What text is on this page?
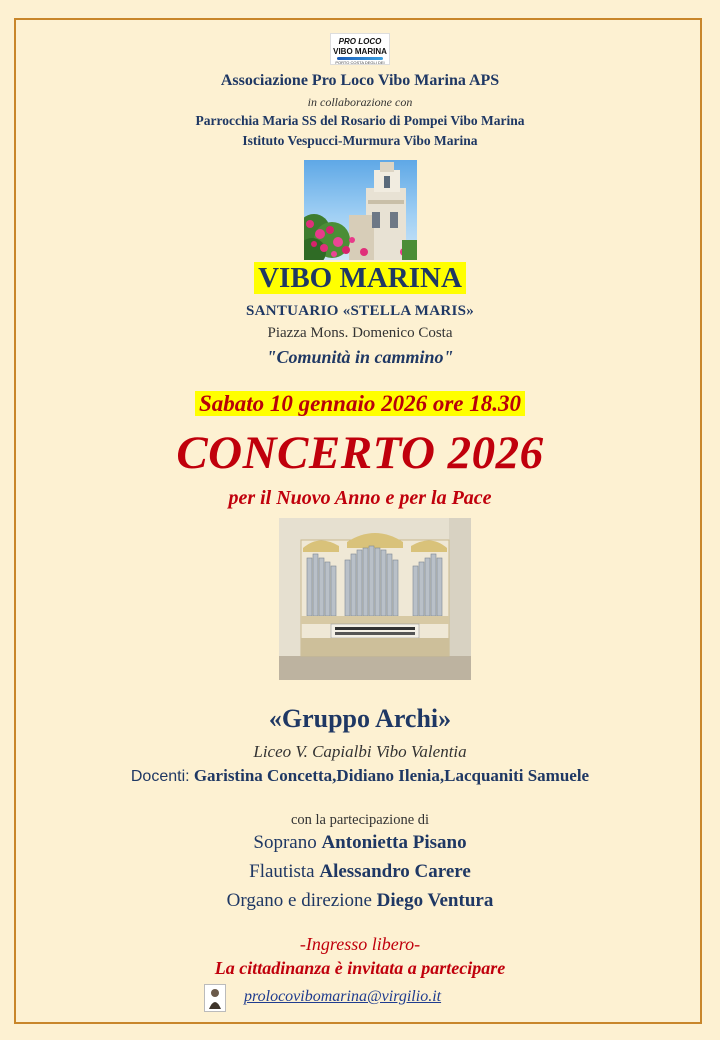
PRO LOCO
VIBO MARINA
PORTO COSTA DEGLI DEI
Associazione Pro Loco Vibo Marina APS
in collaborazione con
Parrocchia Maria SS del Rosario di Pompei Vibo Marina
Istituto Vespucci-Murmura Vibo Marina
VIBO MARINA
SANTUARIO «STELLA MARIS»
Piazza Mons. Domenico Costa
"Comunità in cammino"
Sabato 10 gennaio 2026 ore 18.30
CONCERTO 2026
per il Nuovo Anno e per la Pace
«Gruppo Archi»
Liceo V. Capialbi Vibo Valentia
Docenti: Garistina Concetta,Didiano Ilenia,Lacquaniti Samuele
con la partecipazione di
Soprano Antonietta Pisano
Flautista Alessandro Carere
Organo e direzione Diego Ventura
-Ingresso libero-
La cittadinanza è invitata a partecipare
prolocovibomarina@virgilio.it
